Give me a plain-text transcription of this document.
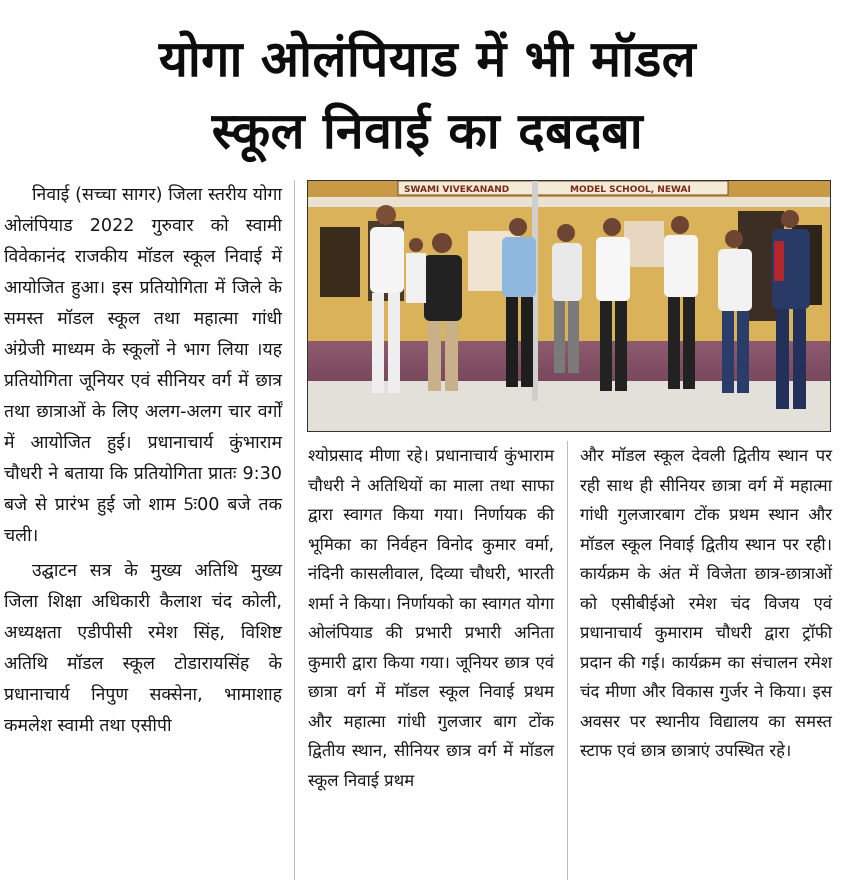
योगा ओलंपियाड में भी मॉडल
स्कूल निवाई का दबदबा

निवाई (सच्चा सागर) जिला स्तरीय योगा ओलंपियाड 2022 गुरुवार को स्वामी विवेकानंद राजकीय मॉडल स्कूल निवाई में आयोजित हुआ। इस प्रतियोगिता में जिले के समस्त मॉडल स्कूल तथा महात्मा गांधी अंग्रेजी माध्यम के स्कूलों ने भाग लिया ।यह प्रतियोगिता जूनियर एवं सीनियर वर्ग में छात्र तथा छात्राओं के लिए अलग-अलग चार वर्गों में आयोजित हुई। प्रधानाचार्य कुंभाराम चौधरी ने बताया कि प्रतियोगिता प्रातः 9:30 बजे से प्रारंभ हुई जो शाम 5ः00 बजे तक चली।

उद्घाटन सत्र के मुख्य अतिथि मुख्य जिला शिक्षा अधिकारी कैलाश चंद कोली, अध्यक्षता एडीपीसी रमेश सिंह, विशिष्ट अतिथि मॉडल स्कूल टोडारायसिंह के प्रधानाचार्य निपुण सक्सेना, भामाशाह कमलेश स्वामी तथा एसीपी

SWAMI VIVEKANAND	MODEL SCHOOL, NEWAI

श्योप्रसाद मीणा रहे। प्रधानाचार्य कुंभाराम चौधरी ने अतिथियों का माला तथा साफा द्वारा स्वागत किया गया। निर्णायक की भूमिका का निर्वहन विनोद कुमार वर्मा, नंदिनी कासलीवाल, दिव्या चौधरी, भारती शर्मा ने किया। निर्णायको का स्वागत योगा ओलंपियाड की प्रभारी प्रभारी अनिता कुमारी द्वारा किया गया। जूनियर छात्र एवं छात्रा वर्ग में मॉडल स्कूल निवाई प्रथम और महात्मा गांधी गुलजार बाग टोंक द्वितीय स्थान, सीनियर छात्र वर्ग में मॉडल स्कूल निवाई प्रथम

और मॉडल स्कूल देवली द्वितीय स्थान पर रही साथ ही सीनियर छात्रा वर्ग में महात्मा गांधी गुलजारबाग टोंक प्रथम स्थान और मॉडल स्कूल निवाई द्वितीय स्थान पर रही। कार्यक्रम के अंत में विजेता छात्र-छात्राओं को एसीबीईओ रमेश चंद विजय एवं प्रधानाचार्य कुमाराम चौधरी द्वारा ट्रॉफी प्रदान की गई। कार्यक्रम का संचालन रमेश चंद मीणा और विकास गुर्जर ने किया। इस अवसर पर स्थानीय विद्यालय का समस्त स्टाफ एवं छात्र छात्राएं उपस्थित रहे।
